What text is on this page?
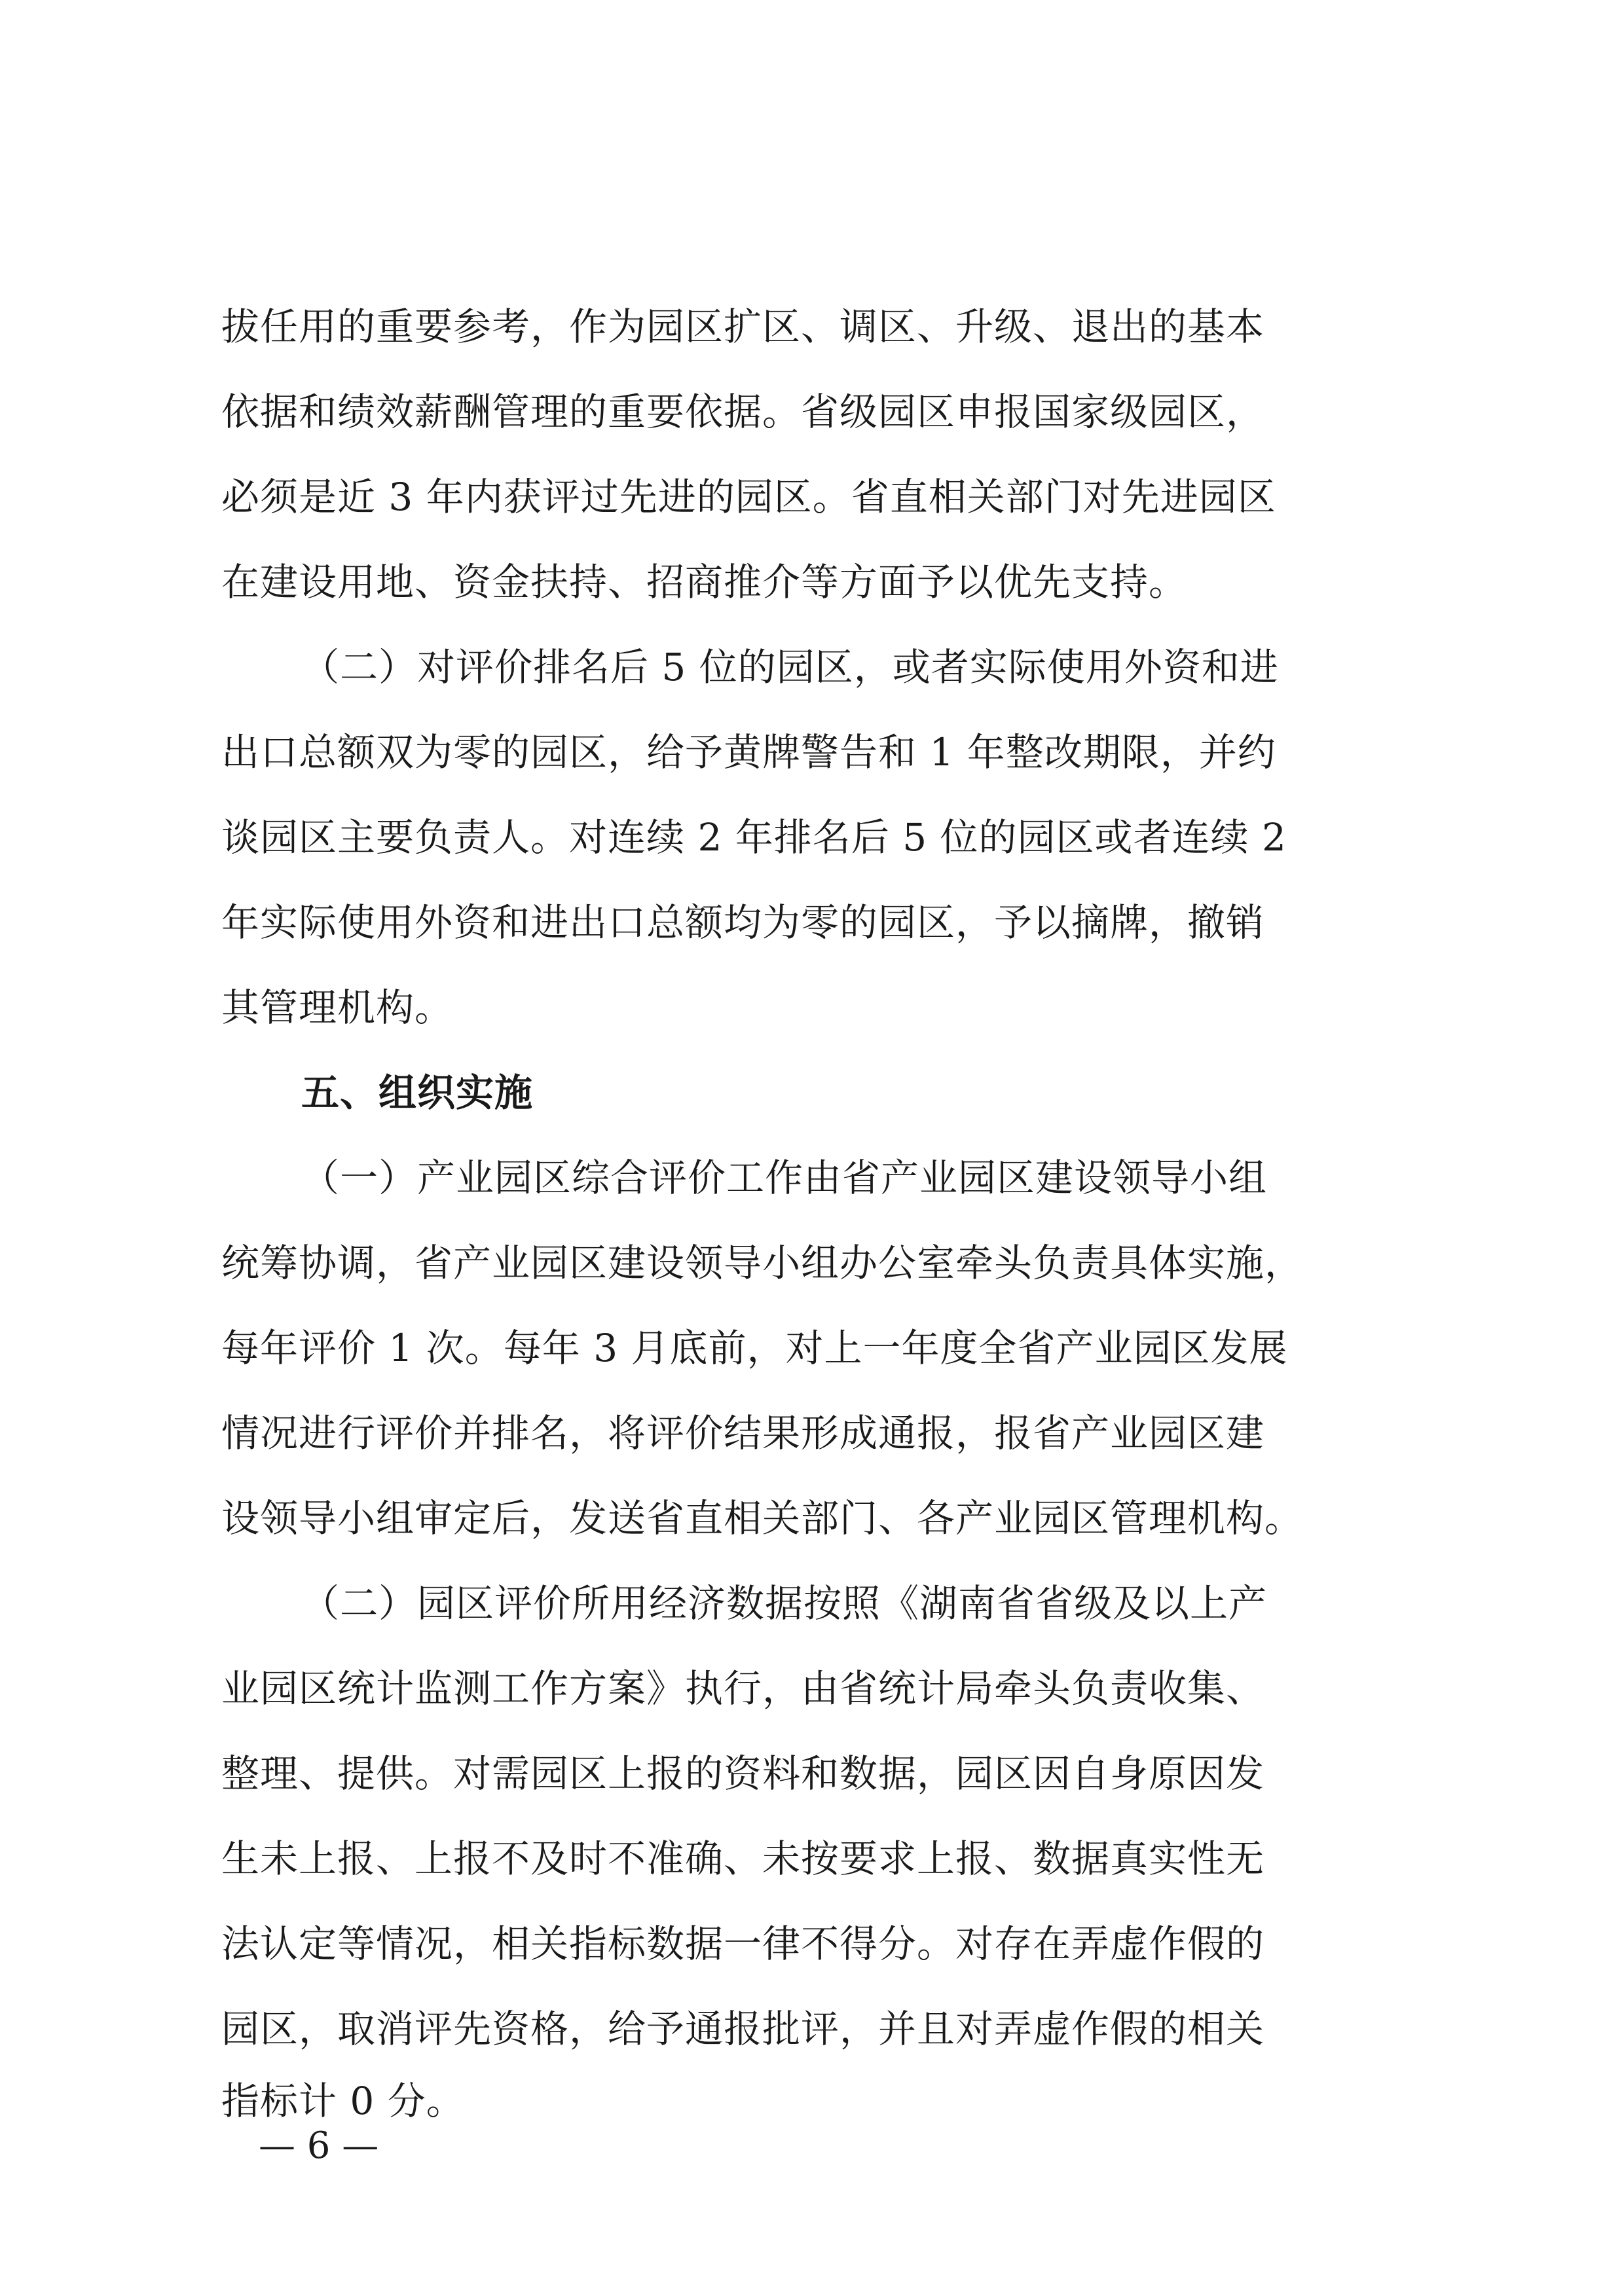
拔任用的重要参考，作为园区扩区、调区、升级、退出的基本
依据和绩效薪酬管理的重要依据。省级园区申报国家级园区，
必须是近 3 年内获评过先进的园区。省直相关部门对先进园区
在建设用地、资金扶持、招商推介等方面予以优先支持。
（二）对评价排名后 5 位的园区，或者实际使用外资和进
出口总额双为零的园区，给予黄牌警告和 1 年整改期限，并约
谈园区主要负责人。对连续 2 年排名后 5 位的园区或者连续 2
年实际使用外资和进出口总额均为零的园区，予以摘牌，撤销
其管理机构。
五、组织实施
（一）产业园区综合评价工作由省产业园区建设领导小组
统筹协调，省产业园区建设领导小组办公室牵头负责具体实施，
每年评价 1 次。每年 3 月底前，对上一年度全省产业园区发展
情况进行评价并排名，将评价结果形成通报，报省产业园区建
设领导小组审定后，发送省直相关部门、各产业园区管理机构。
（二）园区评价所用经济数据按照《湖南省省级及以上产
业园区统计监测工作方案》执行，由省统计局牵头负责收集、
整理、提供。对需园区上报的资料和数据，园区因自身原因发
生未上报、上报不及时不准确、未按要求上报、数据真实性无
法认定等情况，相关指标数据一律不得分。对存在弄虚作假的
园区，取消评先资格，给予通报批评，并且对弄虚作假的相关
指标计 0 分。
— 6 —
